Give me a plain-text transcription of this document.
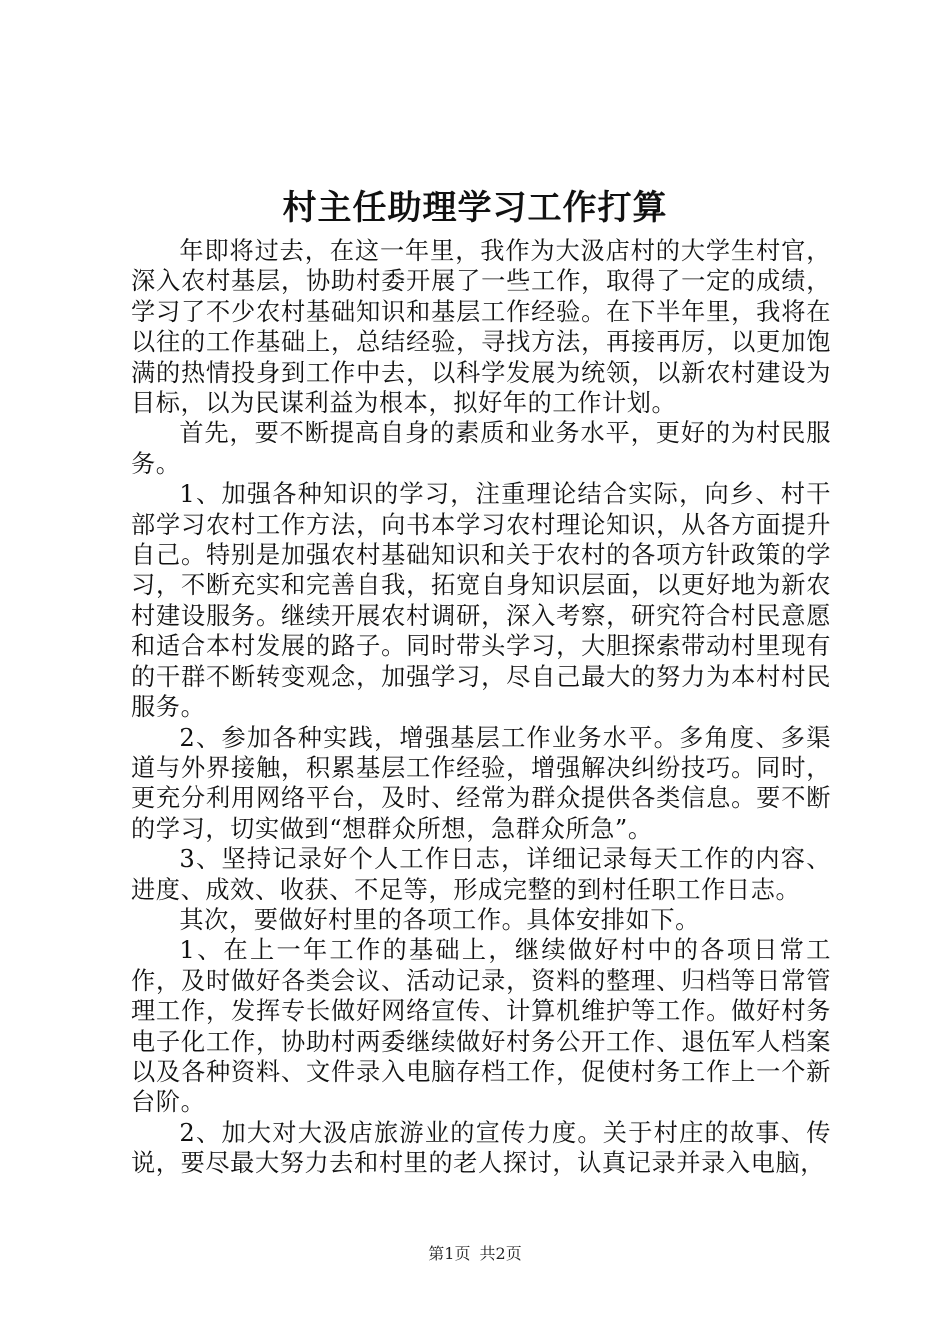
村主任助理学习工作打算

年即将过去，在这一年里，我作为大汲店村的大学生村官，深入农村基层，协助村委开展了一些工作，取得了一定的成绩，学习了不少农村基础知识和基层工作经验。在下半年里，我将在以往的工作基础上，总结经验，寻找方法，再接再厉，以更加饱满的热情投身到工作中去，以科学发展为统领，以新农村建设为目标，以为民谋利益为根本，拟好年的工作计划。

首先，要不断提高自身的素质和业务水平，更好的为村民服务。

1、加强各种知识的学习，注重理论结合实际，向乡、村干部学习农村工作方法，向书本学习农村理论知识，从各方面提升自己。特别是加强农村基础知识和关于农村的各项方针政策的学习，不断充实和完善自我，拓宽自身知识层面，以更好地为新农村建设服务。继续开展农村调研，深入考察，研究符合村民意愿和适合本村发展的路子。同时带头学习，大胆探索带动村里现有的干群不断转变观念，加强学习，尽自己最大的努力为本村村民服务。

2、参加各种实践，增强基层工作业务水平。多角度、多渠道与外界接触，积累基层工作经验，增强解决纠纷技巧。同时，更充分利用网络平台，及时、经常为群众提供各类信息。要不断的学习，切实做到“想群众所想，急群众所急”。

3、坚持记录好个人工作日志，详细记录每天工作的内容、进度、成效、收获、不足等，形成完整的到村任职工作日志。

其次，要做好村里的各项工作。具体安排如下。

1、在上一年工作的基础上，继续做好村中的各项日常工作，及时做好各类会议、活动记录，资料的整理、归档等日常管理工作，发挥专长做好网络宣传、计算机维护等工作。做好村务电子化工作，协助村两委继续做好村务公开工作、退伍军人档案以及各种资料、文件录入电脑存档工作，促使村务工作上一个新台阶。

2、加大对大汲店旅游业的宣传力度。关于村庄的故事、传说，要尽最大努力去和村里的老人探讨，认真记录并录入电脑，

第1页 共2页
